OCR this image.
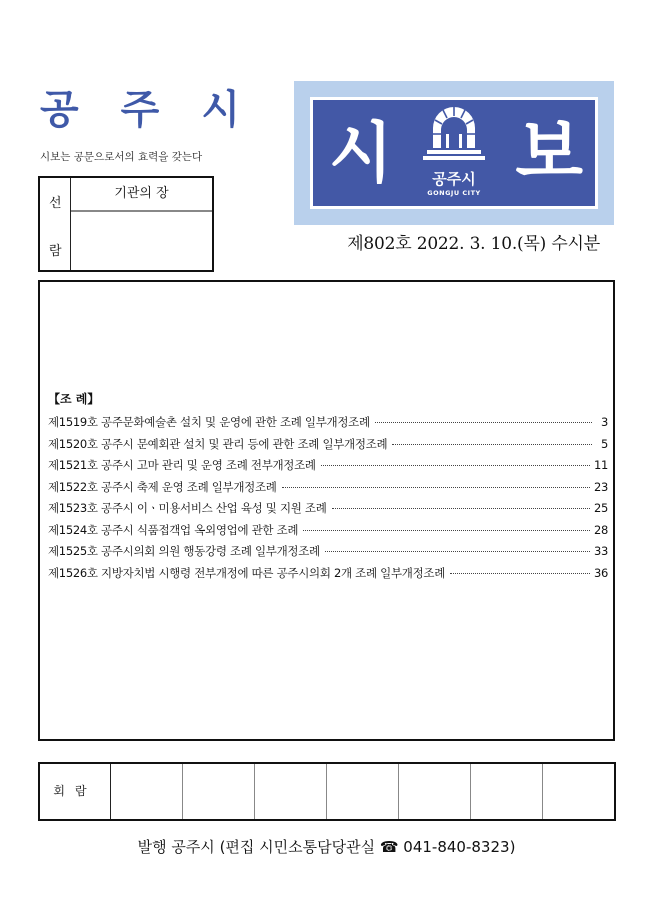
공 주 시
시보는 공문으로서의 효력을 갖는다
선
람
기관의 장
시	공주시
GONGJU CITY 보
제802호 2022. 3. 10.(목) 수시분
【조 례】
제1519호 공주문화예술촌 설치 및 운영에 관한 조례 일부개정조례	3
제1520호 공주시 문예회관 설치 및 관리 등에 관한 조례 일부개정조례	5
제1521호 공주시 고마 관리 및 운영 조례 전부개정조례	11
제1522호 공주시 축제 운영 조례 일부개정조례	23
제1523호 공주시 이ㆍ미용서비스 산업 육성 및 지원 조례	25
제1524호 공주시 식품접객업 옥외영업에 관한 조례	28
제1525호 공주시의회 의원 행동강령 조례 일부개정조례	33
제1526호 지방자치법 시행령 전부개정에 따른 공주시의회 2개 조례 일부개정조례	36
회람
발행 공주시 (편집 시민소통담당관실 ☎ 041-840-8323)
